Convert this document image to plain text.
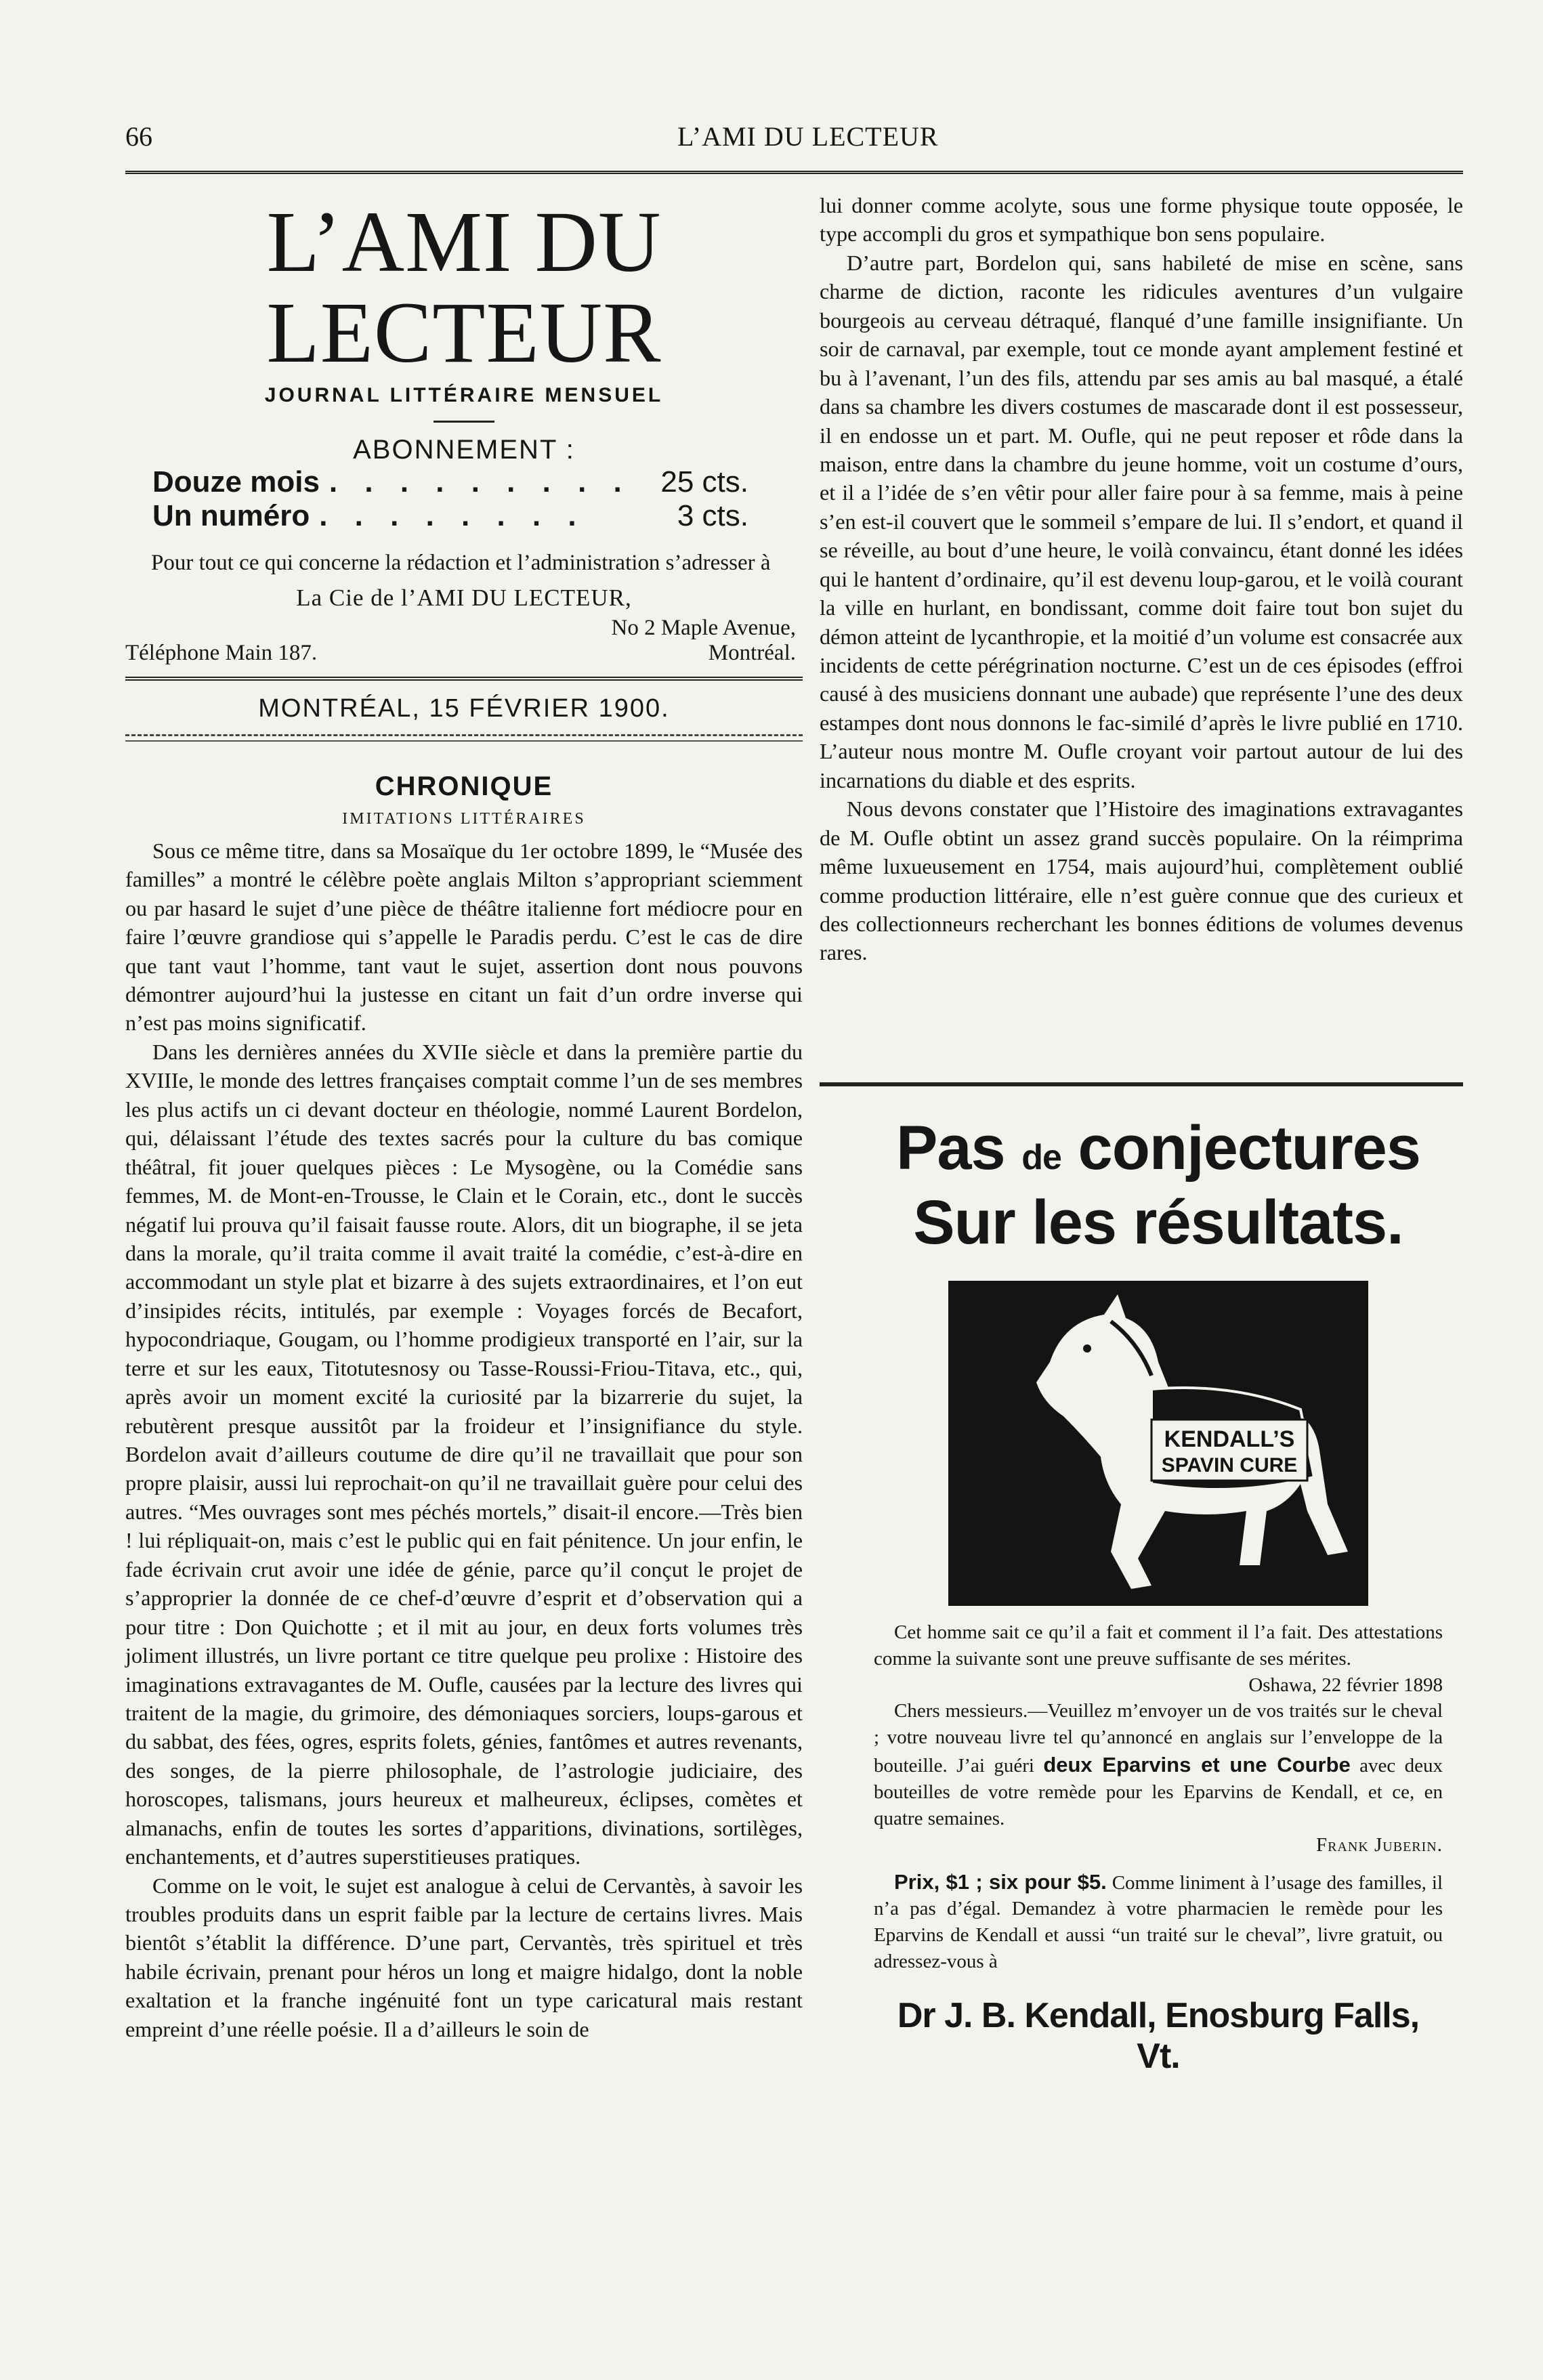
66	L’AMI DU LECTEUR
L’AMI DU LECTEUR
JOURNAL LITTÉRAIRE MENSUEL
ABONNEMENT :
Douze mois . . . . . . . . . 25 cts.
Un numéro . . . . . . . .	3 cts.
Pour tout ce qui concerne la rédaction et l’administration s’adresser à
La Cie de l’AMI DU LECTEUR,
No 2 Maple Avenue,
Téléphone Main 187.	Montréal.
MONTRÉAL, 15 FÉVRIER 1900.
CHRONIQUE
IMITATIONS LITTÉRAIRES

Sous ce même titre, dans sa Mosaïque du 1er octobre 1899, le “Musée des familles” a montré le célèbre poète anglais Milton s’appropriant sciemment ou par hasard le sujet d’une pièce de théâtre italienne fort médiocre pour en faire l’œuvre grandiose qui s’appelle le Paradis perdu. C’est le cas de dire que tant vaut l’homme, tant vaut le sujet, assertion dont nous pouvons démontrer aujourd’hui la justesse en citant un fait d’un ordre inverse qui n’est pas moins significatif.

Dans les dernières années du XVIIe siècle et dans la première partie du XVIIIe, le monde des lettres françaises comptait comme l’un de ses membres les plus actifs un ci devant docteur en théologie, nommé Laurent Bordelon, qui, délaissant l’étude des textes sacrés pour la culture du bas comique théâtral, fit jouer quelques pièces : Le Mysogène, ou la Comédie sans femmes, M. de Mont-en-Trousse, le Clain et le Corain, etc., dont le succès négatif lui prouva qu’il faisait fausse route. Alors, dit un biographe, il se jeta dans la morale, qu’il traita comme il avait traité la comédie, c’est-à-dire en accommodant un style plat et bizarre à des sujets extraordinaires, et l’on eut d’insipides récits, intitulés, par exemple : Voyages forcés de Becafort, hypocondriaque, Gougam, ou l’homme prodigieux transporté en l’air, sur la terre et sur les eaux, Titotutesnosy ou Tasse-Roussi-Friou-Titava, etc., qui, après avoir un moment excité la curiosité par la bizarrerie du sujet, la rebutèrent presque aussitôt par la froideur et l’insignifiance du style. Bordelon avait d’ailleurs coutume de dire qu’il ne travaillait que pour son propre plaisir, aussi lui reprochait-on qu’il ne travaillait guère pour celui des autres. “Mes ouvrages sont mes péchés mortels,” disait-il encore.—Très bien ! lui répliquait-on, mais c’est le public qui en fait pénitence. Un jour enfin, le fade écrivain crut avoir une idée de génie, parce qu’il conçut le projet de s’approprier la donnée de ce chef-d’œuvre d’esprit et d’observation qui a pour titre : Don Quichotte ; et il mit au jour, en deux forts volumes très joliment illustrés, un livre portant ce titre quelque peu prolixe : Histoire des imaginations extravagantes de M. Oufle, causées par la lecture des livres qui traitent de la magie, du grimoire, des démoniaques sorciers, loups-garous et du sabbat, des fées, ogres, esprits folets, génies, fantômes et autres revenants, des songes, de la pierre philosophale, de l’astrologie judiciaire, des horoscopes, talismans, jours heureux et malheureux, éclipses, comètes et almanachs, enfin de toutes les sortes d’apparitions, divinations, sortilèges, enchantements, et d’autres superstitieuses pratiques.

Comme on le voit, le sujet est analogue à celui de Cervantès, à savoir les troubles produits dans un esprit faible par la lecture de certains livres. Mais bientôt s’établit la différence. D’une part, Cervantès, très spirituel et très habile écrivain, prenant pour héros un long et maigre hidalgo, dont la noble exaltation et la franche ingénuité font un type caricatural mais restant empreint d’une réelle poésie. Il a d’ailleurs le soin de

lui donner comme acolyte, sous une forme physique toute opposée, le type accompli du gros et sympathique bon sens populaire.

D’autre part, Bordelon qui, sans habileté de mise en scène, sans charme de diction, raconte les ridicules aventures d’un vulgaire bourgeois au cerveau détraqué, flanqué d’une famille insignifiante. Un soir de carnaval, par exemple, tout ce monde ayant amplement festiné et bu à l’avenant, l’un des fils, attendu par ses amis au bal masqué, a étalé dans sa chambre les divers costumes de mascarade dont il est possesseur, il en endosse un et part. M. Oufle, qui ne peut reposer et rôde dans la maison, entre dans la chambre du jeune homme, voit un costume d’ours, et il a l’idée de s’en vêtir pour aller faire pour à sa femme, mais à peine s’en est-il couvert que le sommeil s’empare de lui. Il s’endort, et quand il se réveille, au bout d’une heure, le voilà convaincu, étant donné les idées qui le hantent d’ordinaire, qu’il est devenu loup-garou, et le voilà courant la ville en hurlant, en bondissant, comme doit faire tout bon sujet du démon atteint de lycanthropie, et la moitié d’un volume est consacrée aux incidents de cette pérégrination nocturne. C’est un de ces épisodes (effroi causé à des musiciens donnant une aubade) que représente l’une des deux estampes dont nous donnons le fac-similé d’après le livre publié en 1710. L’auteur nous montre M. Oufle croyant voir partout autour de lui des incarnations du diable et des esprits.

Nous devons constater que l’Histoire des imaginations extravagantes de M. Oufle obtint un assez grand succès populaire. On la réimprima même luxueusement en 1754, mais aujourd’hui, complètement oublié comme production littéraire, elle n’est guère connue que des curieux et des collectionneurs recherchant les bonnes éditions de volumes devenus rares.

Pas de conjectures
Sur les résultats.
KENDALL’S
SPAVIN CURE

Cet homme sait ce qu’il a fait et comment il l’a fait. Des attestations comme la suivante sont une preuve suffisante de ses mérites.

Oshawa, 22 février 1898

Chers messieurs.—Veuillez m’envoyer un de vos traités sur le cheval ; votre nouveau livre tel qu’annoncé en anglais sur l’enveloppe de la bouteille. J’ai guéri deux Eparvins et une Courbe avec deux bouteilles de votre remède pour les Eparvins de Kendall, et ce, en quatre semaines.

Frank Juberin.

Prix, $1 ; six pour $5. Comme liniment à l’usage des familles, il n’a pas d’égal. Demandez à votre pharmacien le remède pour les Eparvins de Kendall et aussi “un traité sur le cheval”, livre gratuit, ou adressez-vous à

Dr J. B. Kendall, Enosburg Falls, Vt.
